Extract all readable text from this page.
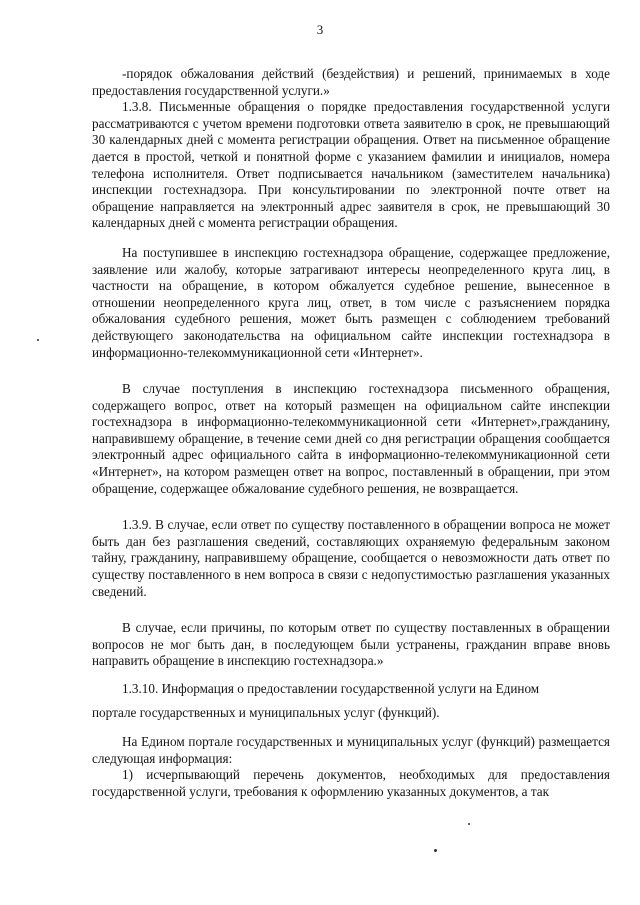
3

-порядок обжалования действий (бездействия) и решений, принимаемых в ходе предоставления государственной услуги.»

1.3.8. Письменные обращения о порядке предоставления государственной услуги рассматриваются с учетом времени подготовки ответа заявителю в срок, не превышающий 30 календарных дней с момента регистрации обращения. Ответ на письменное обращение дается в простой, четкой и понятной форме с указанием фамилии и инициалов, номера телефона исполнителя. Ответ подписывается начальником (заместителем начальника) инспекции гостехнадзора. При консультировании по электронной почте ответ на обращение направляется на электронный адрес заявителя в срок, не превышающий 30 календарных дней с момента регистрации обращения.

На поступившее в инспекцию гостехнадзора обращение, содержащее предложение, заявление или жалобу, которые затрагивают интересы неопределенного круга лиц, в частности на обращение, в котором обжалуется судебное решение, вынесенное в отношении неопределенного круга лиц, ответ, в том числе с разъяснением порядка обжалования судебного решения, может быть размещен с соблюдением требований действующего законодательства на официальном сайте инспекции гостехнадзора в информационно-телекоммуникационной сети «Интернет».

В случае поступления в инспекцию гостехнадзора письменного обращения, содержащего вопрос, ответ на который размещен на официальном сайте инспекции гостехнадзора в информационно-телекоммуникационной сети «Интернет»,гражданину, направившему обращение, в течение семи дней со дня регистрации обращения сообщается электронный адрес официального сайта в информационно-телекоммуникационной сети «Интернет», на котором размещен ответ на вопрос, поставленный в обращении, при этом обращение, содержащее обжалование судебного решения, не возвращается.

1.3.9. В случае, если ответ по существу поставленного в обращении вопроса не может быть дан без разглашения сведений, составляющих охраняемую федеральным законом тайну, гражданину, направившему обращение, сообщается о невозможности дать ответ по существу поставленного в нем вопроса в связи с недопустимостью разглашения указанных сведений.

В случае, если причины, по которым ответ по существу поставленных в обращении вопросов не мог быть дан, в последующем были устранены, гражданин вправе вновь направить обращение в инспекцию гостехнадзора.»

1.3.10. Информация о предоставлении государственной услуги на Едином

портале государственных и муниципальных услуг (функций).

На Едином портале государственных и муниципальных услуг (функций) размещается следующая информация:

1) исчерпывающий перечень документов, необходимых для предоставления государственной услуги, требования к оформлению указанных документов, а так
